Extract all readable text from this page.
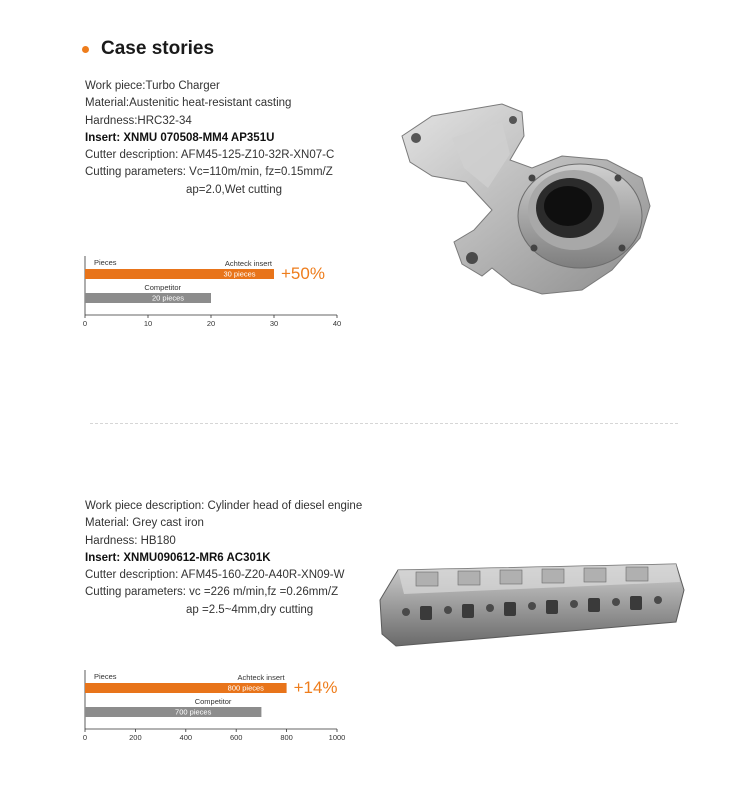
Case stories
Work piece:Turbo Charger
Material:Austenitic heat-resistant casting
Hardness:HRC32-34
Insert: XNMU 070508-MM4 AP351U
Cutter description: AFM45-125-Z10-32R-XN07-C
Cutting parameters: Vc=110m/min, fz=0.15mm/Z
ap=2.0,Wet cutting
Pieces	Achteck insert
30 pieces
Competitor
20 pieces
+50%
0	10	20	30	40
Work piece description: Cylinder head of diesel engine
Material: Grey cast iron
Hardness: HB180
Insert: XNMU090612-MR6 AC301K
Cutter description: AFM45-160-Z20-A40R-XN09-W
Cutting parameters: vc =226 m/min,fz =0.26mm/Z
ap =2.5~4mm,dry cutting
Pieces	Achteck insert
800 pieces
Competitor
700 pieces
+14%
0	200	400	600	800	1000
